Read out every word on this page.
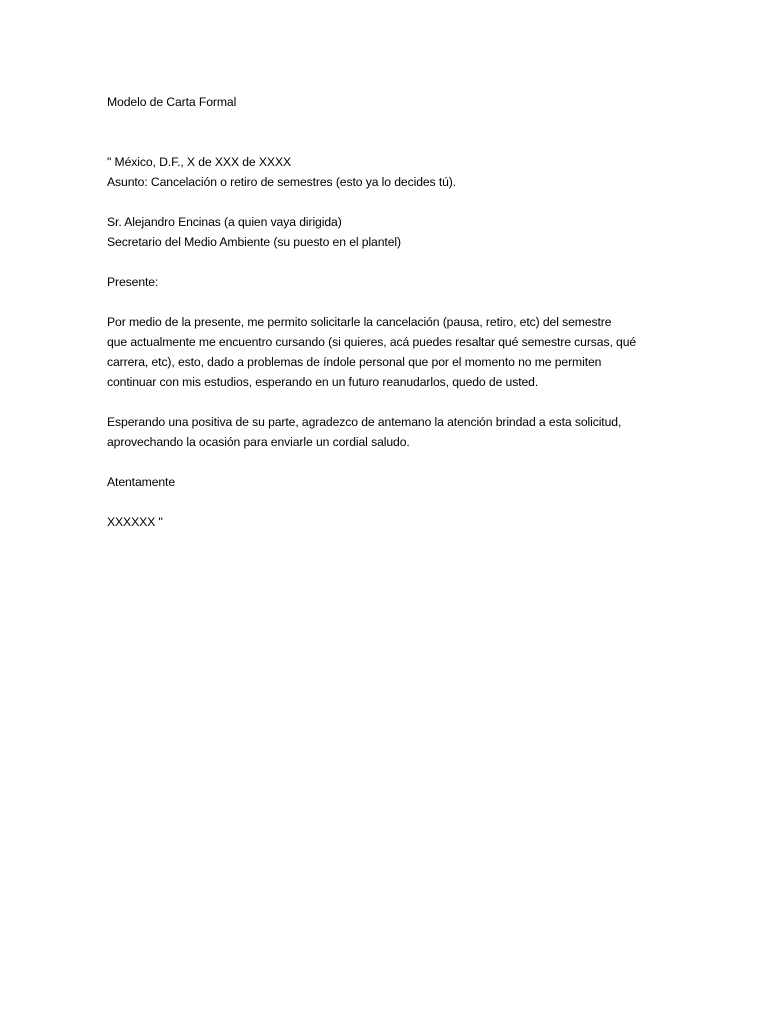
Modelo de Carta Formal

" México, D.F., X de XXX de XXXX

Asunto: Cancelación o retiro de semestres (esto ya lo decides tú).

Sr. Alejandro Encinas (a quien vaya dirigida)

Secretario del Medio Ambiente (su puesto en el plantel)

Presente:

Por medio de la presente, me permito solicitarle la cancelación (pausa, retiro, etc) del semestre

que actualmente me encuentro cursando (si quieres, acá puedes resaltar qué semestre cursas, qué

carrera, etc), esto, dado a problemas de índole personal que por el momento no me permiten

continuar con mis estudios, esperando en un futuro reanudarlos, quedo de usted.

Esperando una positiva de su parte, agradezco de antemano la atención brindad a esta solicitud,

aprovechando la ocasión para enviarle un cordial saludo.

Atentamente

XXXXXX "
